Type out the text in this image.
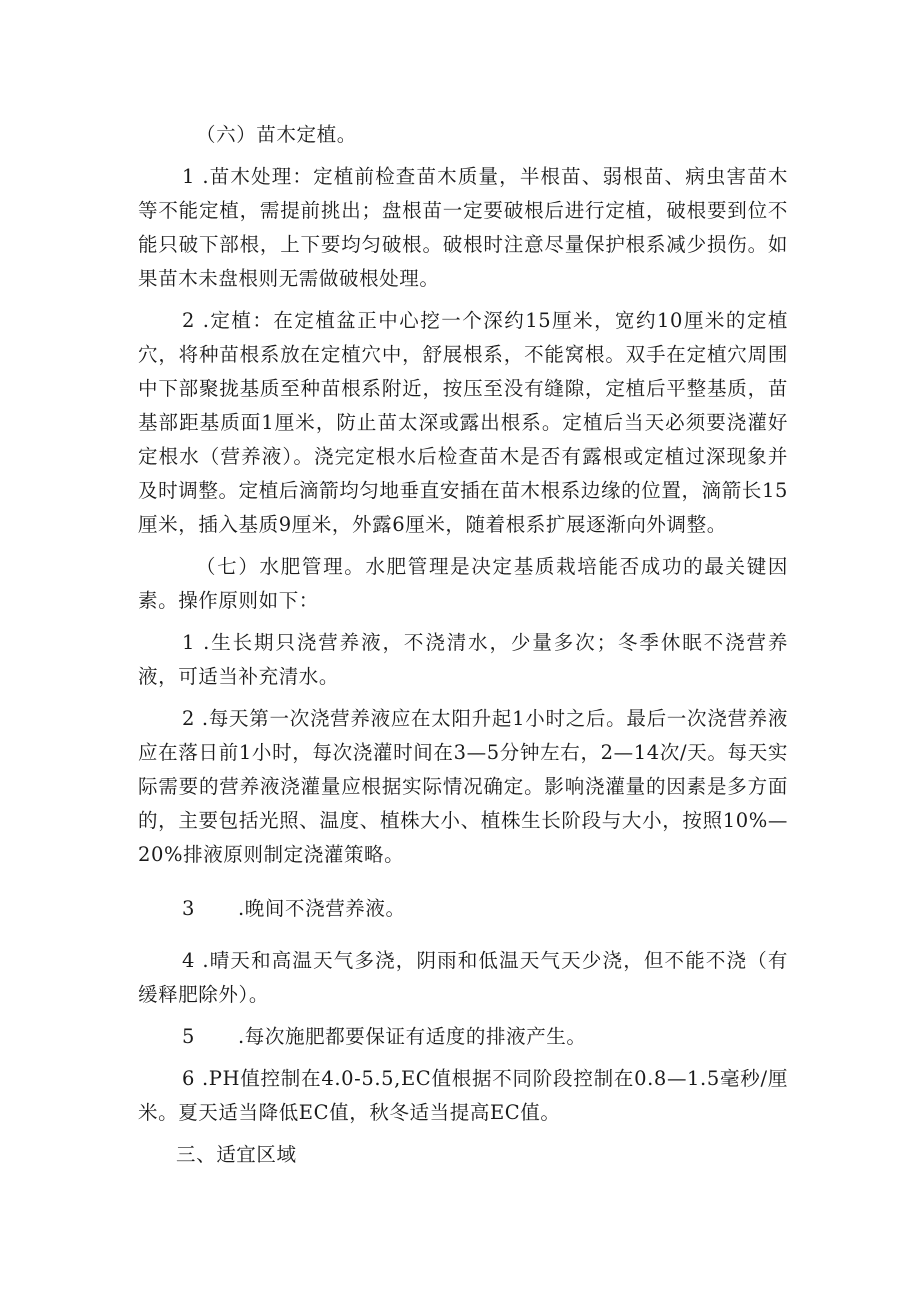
（六）苗木定植。

1 .苗木处理：定植前检查苗木质量，半根苗、弱根苗、病虫害苗木等不能定植，需提前挑出；盘根苗一定要破根后进行定植，破根要到位不能只破下部根，上下要均匀破根。破根时注意尽量保护根系减少损伤。如果苗木未盘根则无需做破根处理。

2 .定植：在定植盆正中心挖一个深约15厘米，宽约10厘米的定植穴，将种苗根系放在定植穴中，舒展根系，不能窝根。双手在定植穴周围中下部聚拢基质至种苗根系附近，按压至没有缝隙，定植后平整基质，苗基部距基质面1厘米，防止苗太深或露出根系。定植后当天必须要浇灌好定根水（营养液）。浇完定根水后检查苗木是否有露根或定植过深现象并及时调整。定植后滴箭均匀地垂直安插在苗木根系边缘的位置，滴箭长15厘米，插入基质9厘米，外露6厘米，随着根系扩展逐渐向外调整。

（七）水肥管理。水肥管理是决定基质栽培能否成功的最关键因素。操作原则如下：

1 .生长期只浇营养液，不浇清水，少量多次；冬季休眠不浇营养液，可适当补充清水。

2 .每天第一次浇营养液应在太阳升起1小时之后。最后一次浇营养液应在落日前1小时，每次浇灌时间在3—5分钟左右，2—14次/天。每天实际需要的营养液浇灌量应根据实际情况确定。影响浇灌量的因素是多方面的，主要包括光照、温度、植株大小、植株生长阶段与大小，按照10%—20%排液原则制定浇灌策略。

3 .晚间不浇营养液。

4 .晴天和高温天气多浇，阴雨和低温天气天少浇，但不能不浇（有缓释肥除外）。

5 .每次施肥都要保证有适度的排液产生。

6 .PH值控制在4.0-5.5,EC值根据不同阶段控制在0.8—1.5毫秒/厘米。夏天适当降低EC值，秋冬适当提高EC值。

三、适宜区域
